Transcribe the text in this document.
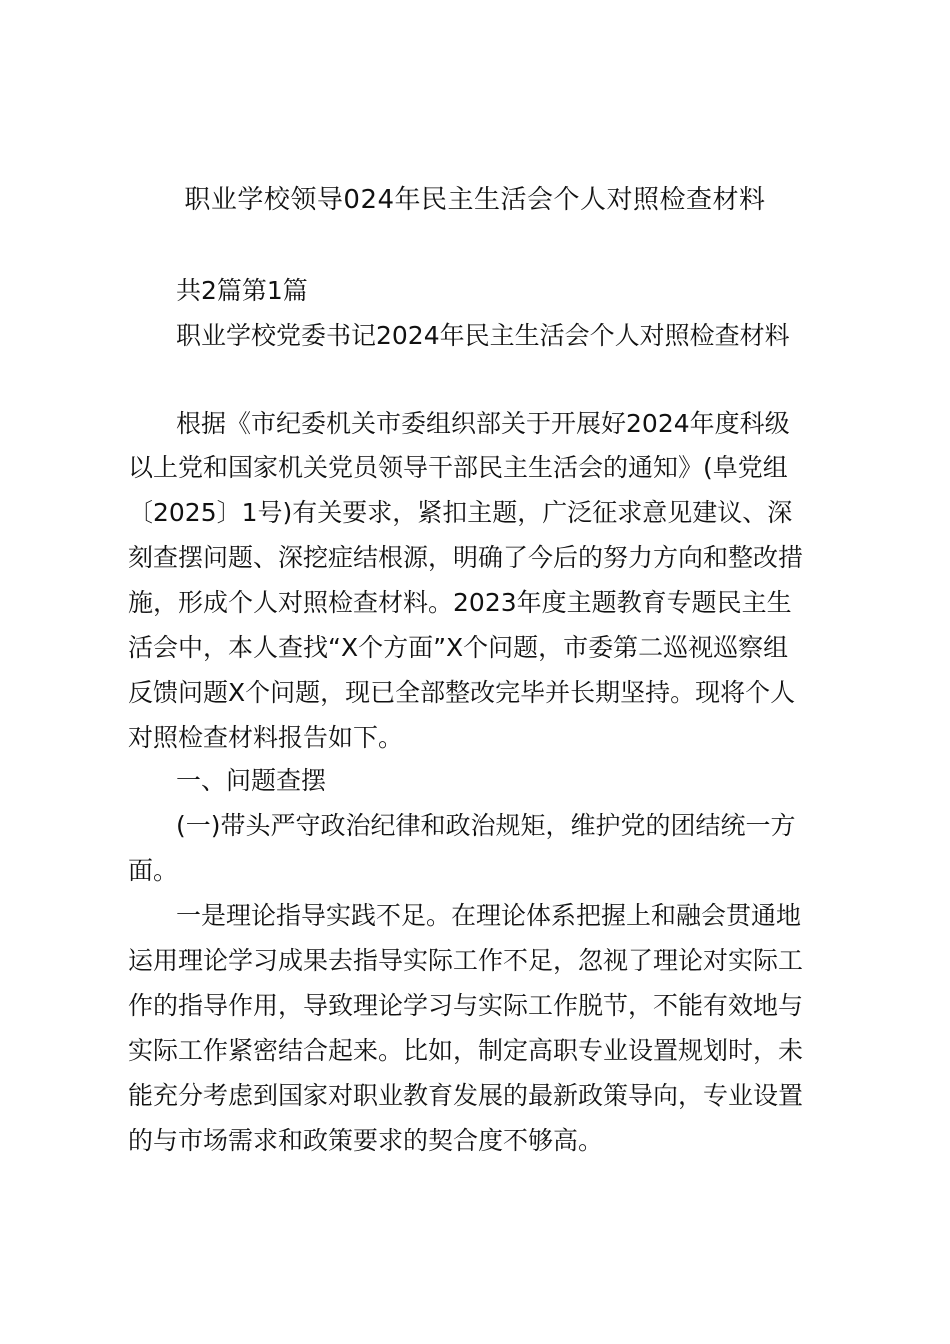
职业学校领导024年民主生活会个人对照检查材料
共2篇第1篇
职业学校党委书记2024年民主生活会个人对照检查材料
根据《市纪委机关市委组织部关于开展好2024年度科级
以上党和国家机关党员领导干部民主生活会的通知》(阜党组
〔2025〕1号)有关要求，紧扣主题，广泛征求意见建议、深
刻查摆问题、深挖症结根源，明确了今后的努力方向和整改措
施，形成个人对照检查材料。2023年度主题教育专题民主生
活会中，本人查找“X个方面”X个问题，市委第二巡视巡察组
反馈问题X个问题，现已全部整改完毕并长期坚持。现将个人
对照检查材料报告如下。
一、问题查摆
(一)带头严守政治纪律和政治规矩，维护党的团结统一方
面。
一是理论指导实践不足。在理论体系把握上和融会贯通地
运用理论学习成果去指导实际工作不足，忽视了理论对实际工
作的指导作用，导致理论学习与实际工作脱节，不能有效地与
实际工作紧密结合起来。比如，制定高职专业设置规划时，未
能充分考虑到国家对职业教育发展的最新政策导向，专业设置
的与市场需求和政策要求的契合度不够高。
